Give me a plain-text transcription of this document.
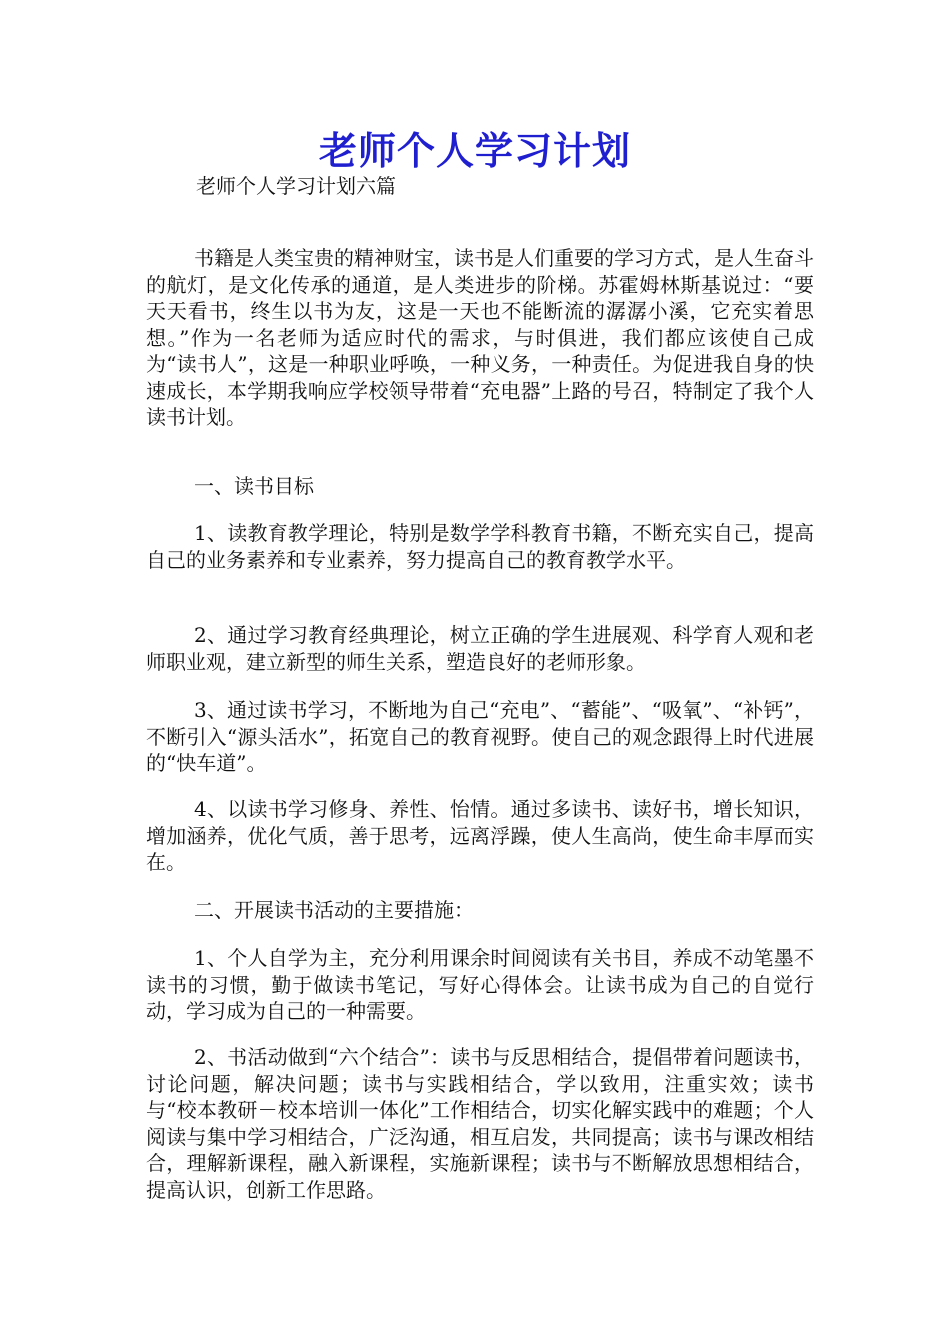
老师个人学习计划
老师个人学习计划六篇

书籍是人类宝贵的精神财宝，读书是人们重要的学习方式，是人生奋斗的航灯，是文化传承的通道，是人类进步的阶梯。苏霍姆林斯基说过：“要天天看书，终生以书为友，这是一天也不能断流的潺潺小溪，它充实着思想。”作为一名老师为适应时代的需求，与时俱进，我们都应该使自己成为“读书人”，这是一种职业呼唤，一种义务，一种责任。为促进我自身的快速成长，本学期我响应学校领导带着“充电器”上路的号召，特制定了我个人读书计划。

一、读书目标

1、读教育教学理论，特别是数学学科教育书籍，不断充实自己，提高自己的业务素养和专业素养，努力提高自己的教育教学水平。

2、通过学习教育经典理论，树立正确的学生进展观、科学育人观和老师职业观，建立新型的师生关系，塑造良好的老师形象。

3、通过读书学习，不断地为自己“充电”、“蓄能”、“吸氧”、“补钙”，不断引入“源头活水”，拓宽自己的教育视野。使自己的观念跟得上时代进展的“快车道”。

4、以读书学习修身、养性、怡情。通过多读书、读好书，增长知识，增加涵养，优化气质，善于思考，远离浮躁，使人生高尚，使生命丰厚而实在。

二、开展读书活动的主要措施：

1、个人自学为主，充分利用课余时间阅读有关书目，养成不动笔墨不读书的习惯，勤于做读书笔记，写好心得体会。让读书成为自己的自觉行动，学习成为自己的一种需要。

2、书活动做到“六个结合”：读书与反思相结合，提倡带着问题读书，讨论问题，解决问题；读书与实践相结合，学以致用，注重实效；读书与“校本教研－校本培训一体化”工作相结合，切实化解实践中的难题；个人阅读与集中学习相结合，广泛沟通，相互启发，共同提高；读书与课改相结合，理解新课程，融入新课程，实施新课程；读书与不断解放思想相结合，提高认识，创新工作思路。
